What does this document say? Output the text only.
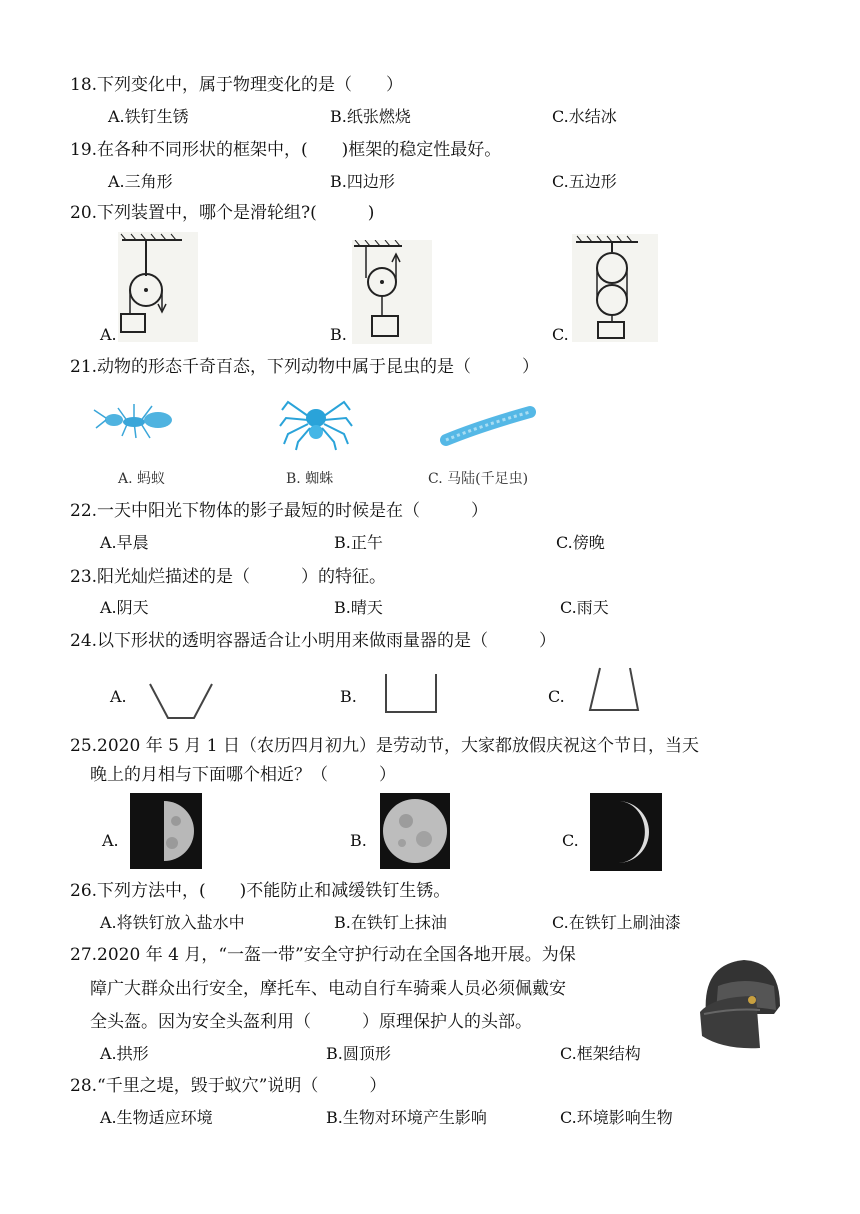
18.下列变化中，属于物理变化的是（　　）
A.铁钉生锈	B.纸张燃烧	C.水结冰
19.在各种不同形状的框架中，(　　)框架的稳定性最好。
A.三角形	B.四边形	C.五边形
20.下列装置中，哪个是滑轮组?(　　　)
A.	B.	C.
21.动物的形态千奇百态，下列动物中属于昆虫的是（　　　）
A. 蚂蚁	B. 蜘蛛	C. 马陆(千足虫)
22.一天中阳光下物体的影子最短的时候是在（　　　）
A.早晨	B.正午	C.傍晚
23.阳光灿烂描述的是（　　　）的特征。
A.阴天	B.晴天	C.雨天
24.以下形状的透明容器适合让小明用来做雨量器的是（　　　）
A.	B.	C.
25.2020 年 5 月 1 日（农历四月初九）是劳动节，大家都放假庆祝这个节日，当天
晚上的月相与下面哪个相近？（　　　）
A.	B.	C.
26.下列方法中，(　　)不能防止和减缓铁钉生锈。
A.将铁钉放入盐水中	B.在铁钉上抹油	C.在铁钉上刷油漆
27.2020 年 4 月，“一盔一带”安全守护行动在全国各地开展。为保
障广大群众出行安全，摩托车、电动自行车骑乘人员必须佩戴安
全头盔。因为安全头盔利用（　　　）原理保护人的头部。
A.拱形	B.圆顶形	C.框架结构
28.“千里之堤，毁于蚁穴”说明（　　　）
A.生物适应环境	B.生物对环境产生影响	C.环境影响生物
